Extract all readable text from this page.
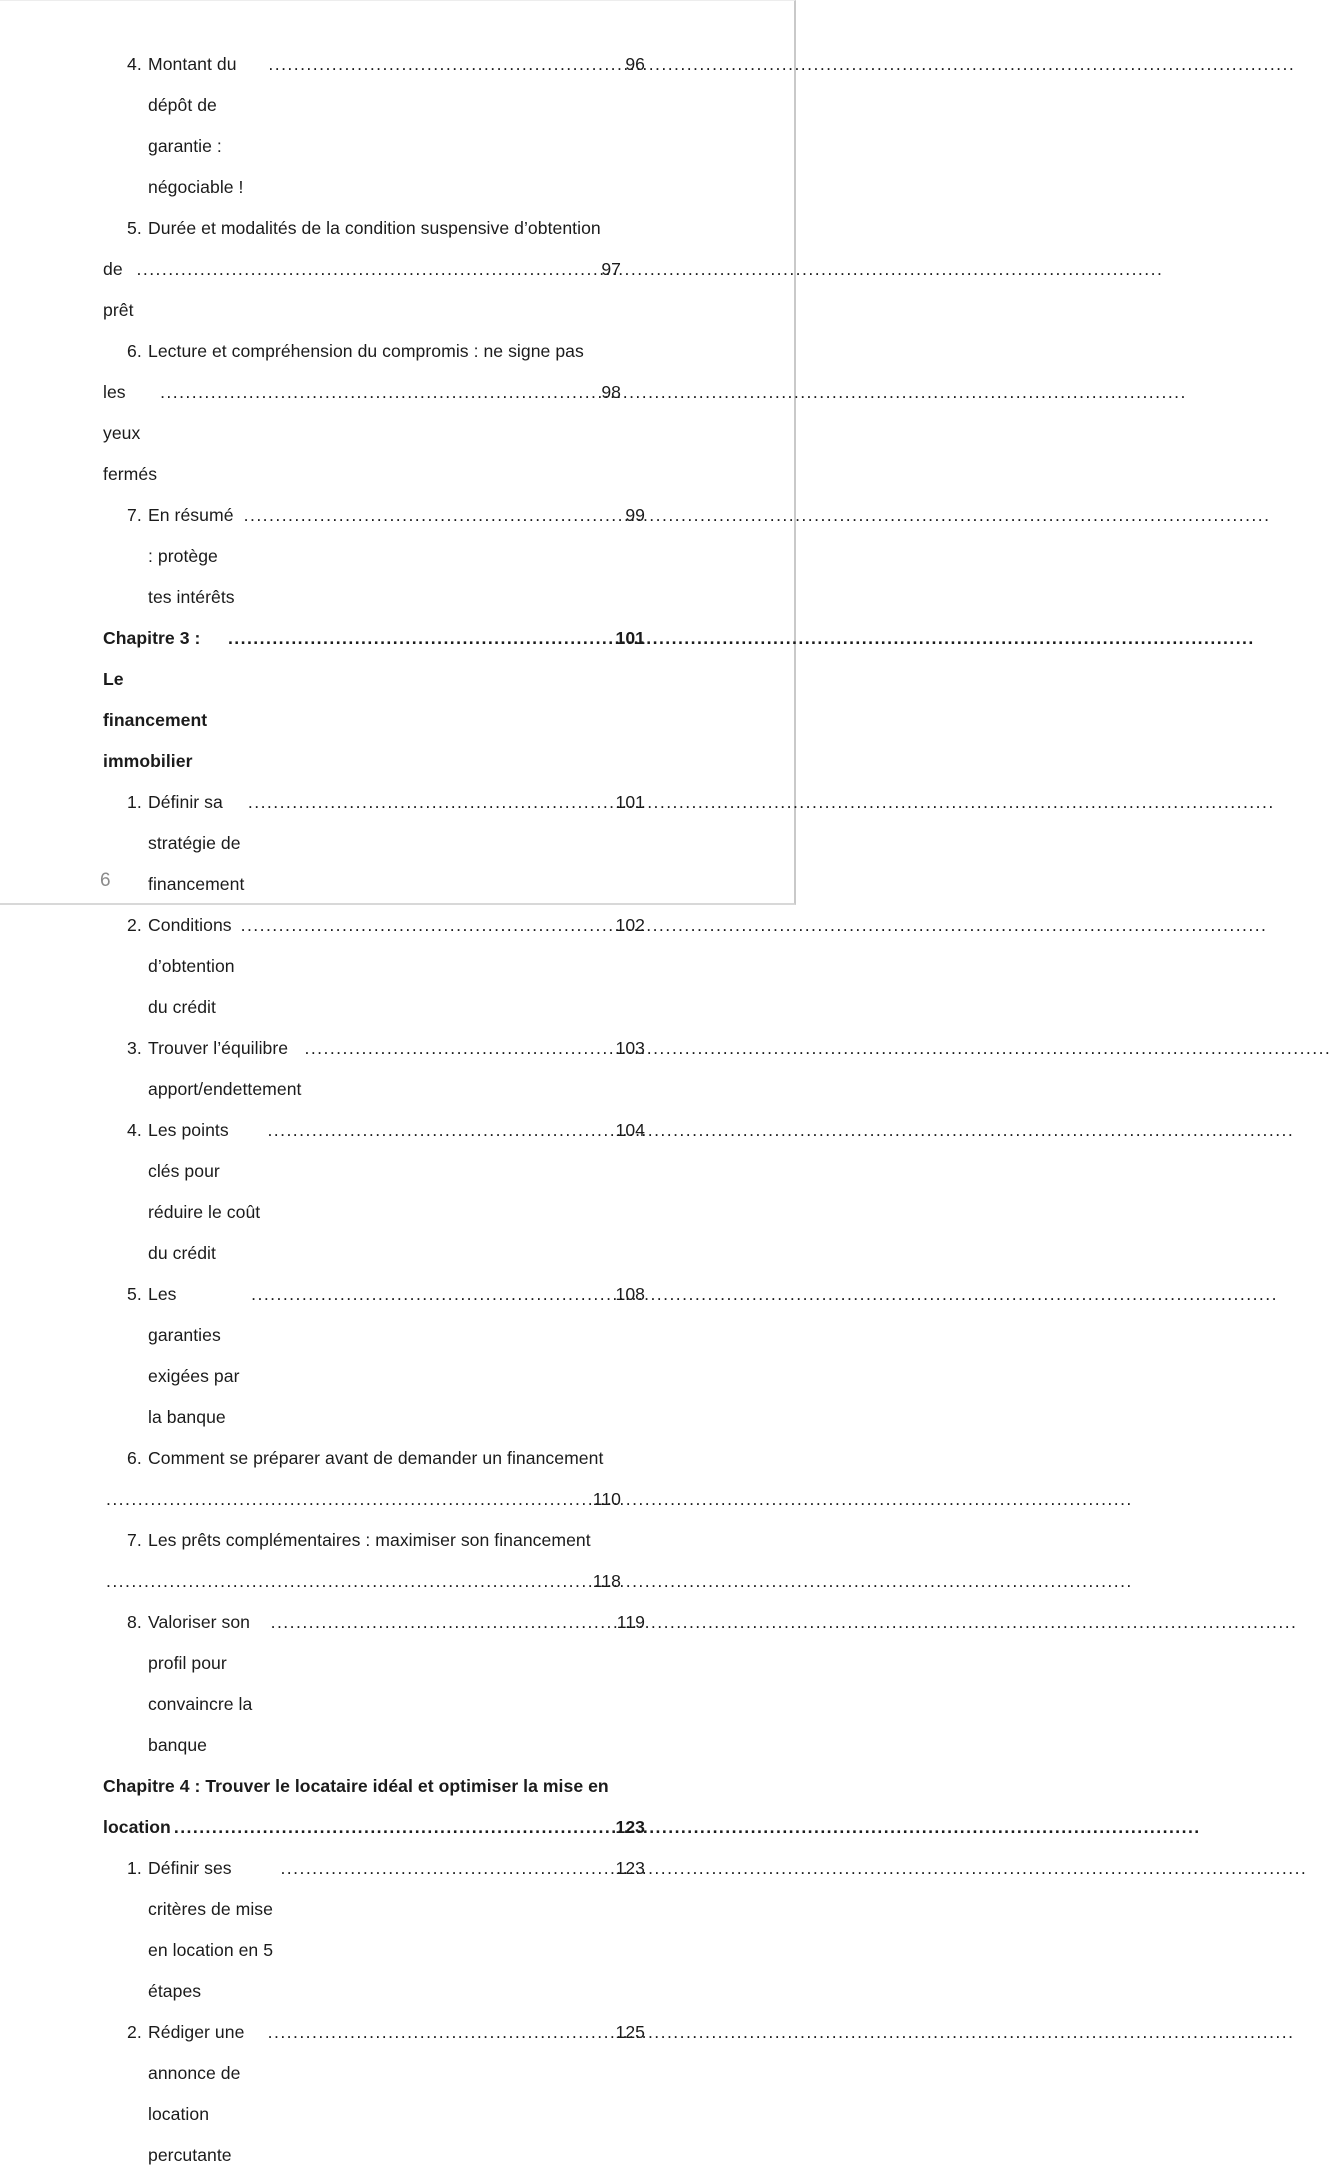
4. Montant du dépôt de garantie : négociable !
.....
96
5. Durée et modalités de la condition suspensive d’obtention
de prêt
.....
97
6. Lecture et compréhension du compromis : ne signe pas
les yeux fermés
.....
98
7. En résumé : protège tes intérêts
.....
99
Chapitre 3 : Le financement immobilier
.....
101
1. Définir sa stratégie de financement
.....
101
2. Conditions d’obtention du crédit
.....
102
3. Trouver l’équilibre apport/endettement
.....
103
4. Les points clés pour réduire le coût du crédit
.....
104
5. Les garanties exigées par la banque
.....
108
6. Comment se préparer avant de demander un financement
.....
110
7. Les prêts complémentaires : maximiser son financement
.....
118
8. Valoriser son profil pour convaincre la banque
.....
119
Chapitre 4 : Trouver le locataire idéal et optimiser la mise en
location .....	123
1. Définir ses critères de mise en location en 5 étapes
.....
123
2. Rédiger une annonce de location percutante
.....
125
6
